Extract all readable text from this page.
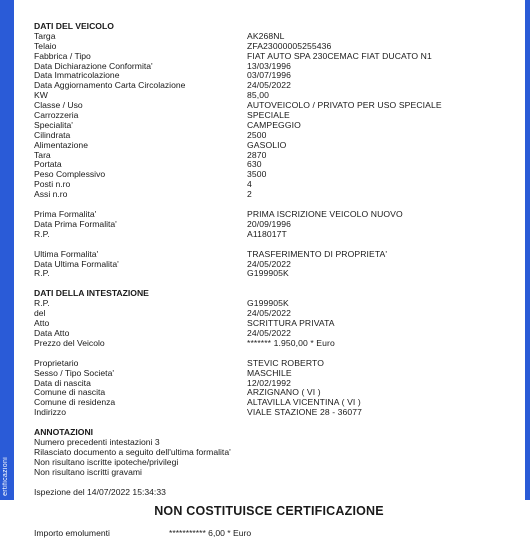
ertificazioni
DATI DEL VEICOLO
Targa	AK268NL
Telaio	ZFA23000005255436
Fabbrica / Tipo	FIAT AUTO SPA 230CEMAC FIAT DUCATO N1
Data Dichiarazione Conformita'	13/03/1996
Data Immatricolazione	03/07/1996
Data Aggiornamento Carta Circolazione	24/05/2022
KW	85,00
Classe / Uso	AUTOVEICOLO / PRIVATO PER USO SPECIALE
Carrozzeria	SPECIALE
Specialita'	CAMPEGGIO
Cilindrata	2500
Alimentazione	GASOLIO
Tara	2870
Portata	630
Peso Complessivo	3500
Posti n.ro	4
Assi n.ro	2
Prima Formalita'	PRIMA ISCRIZIONE VEICOLO NUOVO
Data Prima Formalita'	20/09/1996
R.P.	A118017T
Ultima Formalita'	TRASFERIMENTO DI PROPRIETA'
Data Ultima Formalita'	24/05/2022
R.P.	G199905K
DATI DELLA INTESTAZIONE
R.P.	G199905K
del	24/05/2022
Atto	SCRITTURA PRIVATA
Data Atto	24/05/2022
Prezzo del Veicolo	******* 1.950,00 * Euro
Proprietario	STEVIC ROBERTO
Sesso / Tipo Societa'	MASCHILE
Data di nascita	12/02/1992
Comune di nascita	ARZIGNANO ( VI )
Comune di residenza	ALTAVILLA VICENTINA ( VI )
Indirizzo	VIALE STAZIONE 28 - 36077
ANNOTAZIONI
Numero precedenti intestazioni 3
Rilasciato documento a seguito dell'ultima formalita'
Non risultano iscritte ipoteche/privilegi
Non risultano iscritti gravami
Ispezione del 14/07/2022 15:34:33
NON COSTITUISCE CERTIFICAZIONE
Importo emolumenti	*********** 6,00 * Euro
